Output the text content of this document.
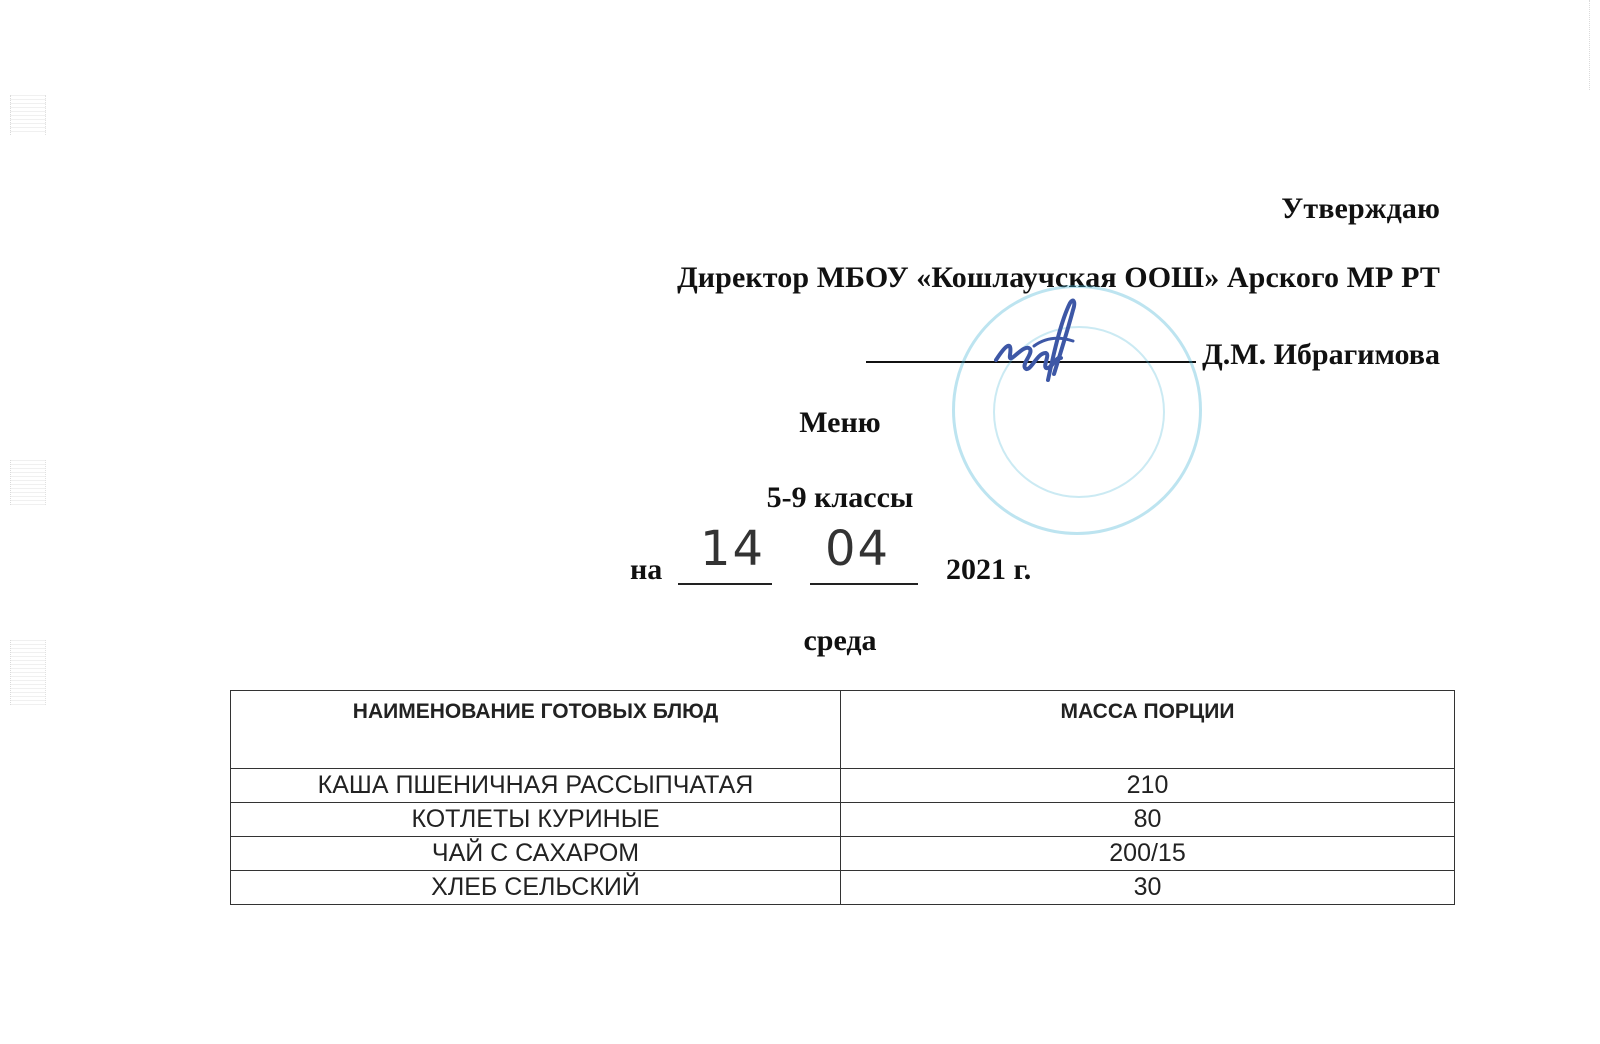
Утверждаю
Директор МБОУ «Кошлаучская ООШ» Арского МР РТ
Д.М. Ибрагимова
Меню
5-9 классы
на 14 04 2021 г.
среда
НАИМЕНОВАНИЕ ГОТОВЫХ БЛЮД	МАССА ПОРЦИИ
КАША ПШЕНИЧНАЯ РАССЫПЧАТАЯ	210
КОТЛЕТЫ КУРИНЫЕ	80
ЧАЙ С САХАРОМ	200/15
ХЛЕБ СЕЛЬСКИЙ	30
